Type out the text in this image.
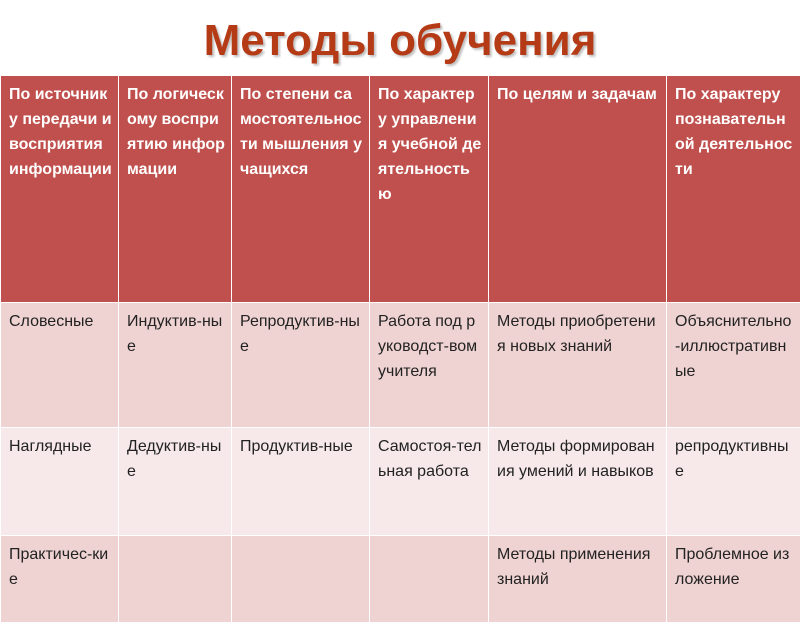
Методы обучения
По источнику передачи и восприятия информации	По логическому восприятию информации	По степени самостоятельности мышления учащихся	По характеру управления учебной деятельностью	По целям и задачам	По характеру познавательной деятельности
Словесные	Индуктив-ные	Репродуктив-ные	Работа под руководст-вом учителя	Методы приобретения новых знаний	Объяснительно-иллюстративные
Наглядные	Дедуктив-ные	Продуктив-ные	Самостоя-тельная работа	Методы формирования умений и навыков	репродуктивные
Практичес-кие				Методы применения знаний	Проблемное изложение
